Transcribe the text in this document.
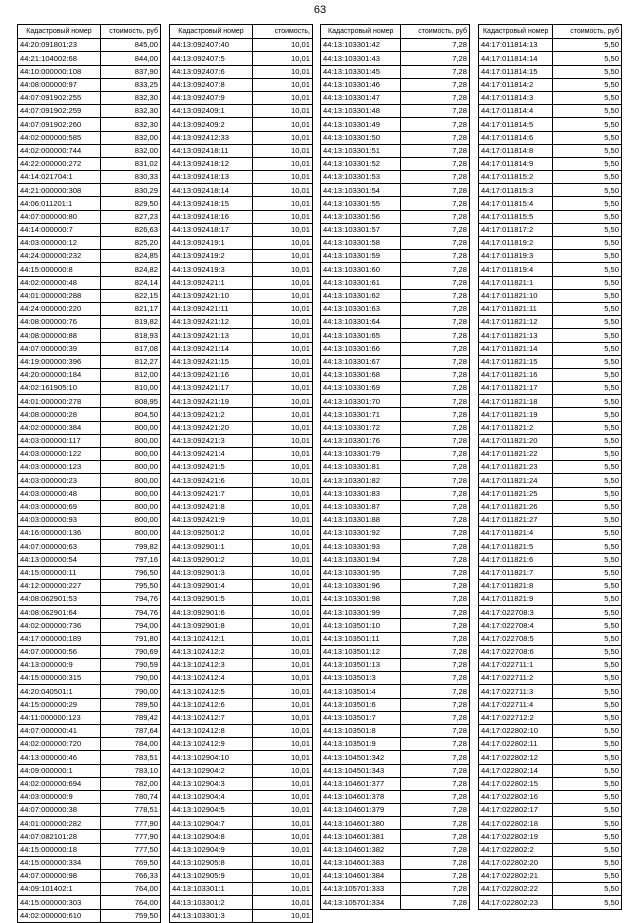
63
Кадастровый номер	стоимость, руб
44:20:091801:23	845,00
44:21:104002:68	844,00
44:10:000000:108	837,90
44:08:000000:97	833,25
44:07:091902:255	832,30
44:07:091902:259	832,30
44:07:091902:260	832,30
44:02:000000:585	832,00
44:02:000000:744	832,00
44:22:000000:272	831,02
44:14:021704:1	830,33
44:21:000000:308	830,29
44:06:011201:1	829,50
44:07:000000:80	827,23
44:14:000000:7	826,63
44:03:000000:12	825,20
44:24:000000:232	824,85
44:15:000000:8	824,82
44:02:000000:48	824,14
44:01:000000:288	822,15
44:24:000000:220	821,17
44:08:000000:76	819,82
44:08:000000:88	818,93
44:07:000000:39	817,08
44:19:000000:396	812,27
44:20:000000:184	812,00
44:02:161905:10	810,00
44:01:000000:278	808,95
44:08:000000:28	804,50
44:02:000000:384	800,00
44:03:000000:117	800,00
44:03:000000:122	800,00
44:03:000000:123	800,00
44:03:000000:23	800,00
44:03:000000:48	800,00
44:03:000000:69	800,00
44:03:000000:93	800,00
44:16:000000:136	800,00
44:07:000000:63	799,82
44:13:000000:54	797,16
44:15:000000:11	796,50
44:12:000000:227	795,50
44:08:062901:53	794,76
44:08:062901:64	794,76
44:02:000000:736	794,00
44:17:000000:189	791,80
44:07:000000:56	790,69
44:13:000000:9	790,59
44:15:000000:315	790,00
44:20:040501:1	790,00
44:15:000000:29	789,50
44:11:000000:123	789,42
44:07:000000:41	787,64
44:02:000000:720	784,00
44:13:000000:46	783,51
44:09:000000:1	783,10
44:02:000000:694	782,00
44:03:000000:9	780,74
44:07:000000:38	778,51
44:01:000000:282	777,90
44:07:082101:28	777,90
44:15:000000:18	777,50
44:15:000000:334	769,50
44:07:000000:98	766,33
44:09:101402:1	764,00
44:15:000000:303	764,00
44:02:000000:610	759,50
Кадастровый номер	стоимость,
44:13:092407:40	10,01
44:13:092407:5	10,01
44:13:092407:6	10,01
44:13:092407:8	10,01
44:13:092407:9	10,01
44:13:092409:1	10,01
44:13:092409:2	10,01
44:13:092412:33	10,01
44:13:092418:11	10,01
44:13:092418:12	10,01
44:13:092418:13	10,01
44:13:092418:14	10,01
44:13:092418:15	10,01
44:13:092418:16	10,01
44:13:092418:17	10,01
44:13:092419:1	10,01
44:13:092419:2	10,01
44:13:092419:3	10,01
44:13:092421:1	10,01
44:13:092421:10	10,01
44:13:092421:11	10,01
44:13:092421:12	10,01
44:13:092421:13	10,01
44:13:092421:14	10,01
44:13:092421:15	10,01
44:13:092421:16	10,01
44:13:092421:17	10,01
44:13:092421:19	10,01
44:13:092421:2	10,01
44:13:092421:20	10,01
44:13:092421:3	10,01
44:13:092421:4	10,01
44:13:092421:5	10,01
44:13:092421:6	10,01
44:13:092421:7	10,01
44:13:092421:8	10,01
44:13:092421:9	10,01
44:13:092501:2	10,01
44:13:092901:1	10,01
44:13:092901:2	10,01
44:13:092901:3	10,01
44:13:092901:4	10,01
44:13:092901:5	10,01
44:13:092901:6	10,01
44:13:092901:8	10,01
44:13:102412:1	10,01
44:13:102412:2	10,01
44:13:102412:3	10,01
44:13:102412:4	10,01
44:13:102412:5	10,01
44:13:102412:6	10,01
44:13:102412:7	10,01
44:13:102412:8	10,01
44:13:102412:9	10,01
44:13:102904:10	10,01
44:13:102904:2	10,01
44:13:102904:3	10,01
44:13:102904:4	10,01
44:13:102904:5	10,01
44:13:102904:7	10,01
44:13:102904:8	10,01
44:13:102904:9	10,01
44:13:102905:8	10,01
44:13:102905:9	10,01
44:13:103301:1	10,01
44:13:103301:2	10,01
44:13:103301:3	10,01
Кадастровый номер	стоимость, руб
44:13:103301:42	7,28
44:13:103301:43	7,28
44:13:103301:45	7,28
44:13:103301:46	7,28
44:13:103301:47	7,28
44:13:103301:48	7,28
44:13:103301:49	7,28
44:13:103301:50	7,28
44:13:103301:51	7,28
44:13:103301:52	7,28
44:13:103301:53	7,28
44:13:103301:54	7,28
44:13:103301:55	7,28
44:13:103301:56	7,28
44:13:103301:57	7,28
44:13:103301:58	7,28
44:13:103301:59	7,28
44:13:103301:60	7,28
44:13:103301:61	7,28
44:13:103301:62	7,28
44:13:103301:63	7,28
44:13:103301:64	7,28
44:13:103301:65	7,28
44:13:103301:66	7,28
44:13:103301:67	7,28
44:13:103301:68	7,28
44:13:103301:69	7,28
44:13:103301:70	7,28
44:13:103301:71	7,28
44:13:103301:72	7,28
44:13:103301:76	7,28
44:13:103301:79	7,28
44:13:103301:81	7,28
44:13:103301:82	7,28
44:13:103301:83	7,28
44:13:103301:87	7,28
44:13:103301:88	7,28
44:13:103301:92	7,28
44:13:103301:93	7,28
44:13:103301:94	7,28
44:13:103301:95	7,28
44:13:103301:96	7,28
44:13:103301:98	7,28
44:13:103301:99	7,28
44:13:103501:10	7,28
44:13:103501:11	7,28
44:13:103501:12	7,28
44:13:103501:13	7,28
44:13:103501:3	7,28
44:13:103501:4	7,28
44:13:103501:6	7,28
44:13:103501:7	7,28
44:13:103501:8	7,28
44:13:103501:9	7,28
44:13:104501:342	7,28
44:13:104501:343	7,28
44:13:104601:377	7,28
44:13:104601:378	7,28
44:13:104601:379	7,28
44:13:104601:380	7,28
44:13:104601:381	7,28
44:13:104601:382	7,28
44:13:104601:383	7,28
44:13:104601:384	7,28
44:13:105701:333	7,28
44:13:105701:334	7,28
Кадастровый номер	стоимость, руб
44:17:011814:13	5,50
44:17:011814:14	5,50
44:17:011814:15	5,50
44:17:011814:2	5,50
44:17:011814:3	5,50
44:17:011814:4	5,50
44:17:011814:5	5,50
44:17:011814:6	5,50
44:17:011814:8	5,50
44:17:011814:9	5,50
44:17:011815:2	5,50
44:17:011815:3	5,50
44:17:011815:4	5,50
44:17:011815:5	5,50
44:17:011817:2	5,50
44:17:011819:2	5,50
44:17:011819:3	5,50
44:17:011819:4	5,50
44:17:011821:1	5,50
44:17:011821:10	5,50
44:17:011821:11	5,50
44:17:011821:12	5,50
44:17:011821:13	5,50
44:17:011821:14	5,50
44:17:011821:15	5,50
44:17:011821:16	5,50
44:17:011821:17	5,50
44:17:011821:18	5,50
44:17:011821:19	5,50
44:17:011821:2	5,50
44:17:011821:20	5,50
44:17:011821:22	5,50
44:17:011821:23	5,50
44:17:011821:24	5,50
44:17:011821:25	5,50
44:17:011821:26	5,50
44:17:011821:27	5,50
44:17:011821:4	5,50
44:17:011821:5	5,50
44:17:011821:6	5,50
44:17:011821:7	5,50
44:17:011821:8	5,50
44:17:011821:9	5,50
44:17:022708:3	5,50
44:17:022708:4	5,50
44:17:022708:5	5,50
44:17:022708:6	5,50
44:17:022711:1	5,50
44:17:022711:2	5,50
44:17:022711:3	5,50
44:17:022711:4	5,50
44:17:022712:2	5,50
44:17:022802:10	5,50
44:17:022802:11	5,50
44:17:022802:12	5,50
44:17:022802:14	5,50
44:17:022802:15	5,50
44:17:022802:16	5,50
44:17:022802:17	5,50
44:17:022802:18	5,50
44:17:022802:19	5,50
44:17:022802:2	5,50
44:17:022802:20	5,50
44:17:022802:21	5,50
44:17:022802:22	5,50
44:17:022802:23	5,50
